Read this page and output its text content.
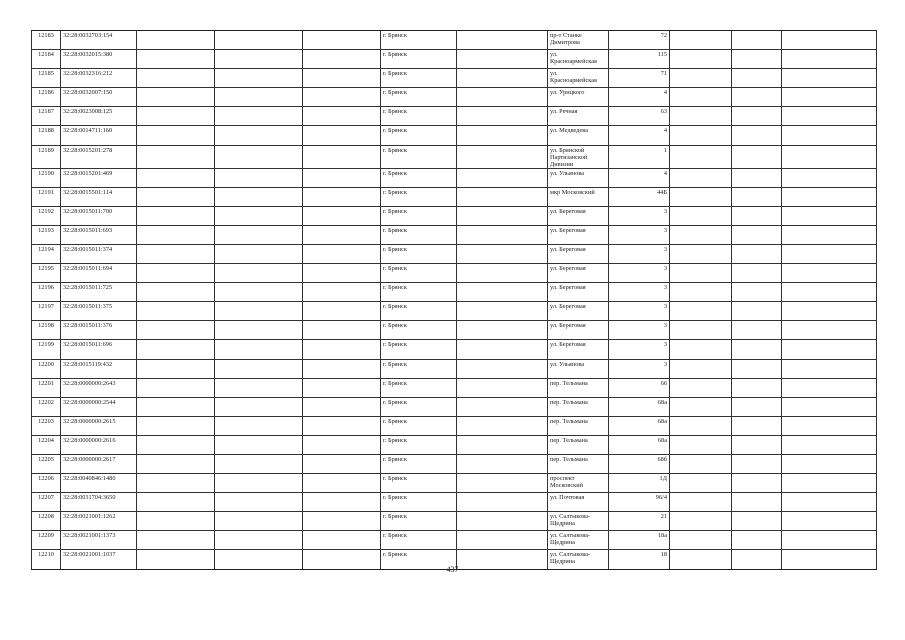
12183	32:28:0032703:154				г. Брянск		пр-т Станке Димитрова	72			
12184	32:28:0032015:380				г. Брянск		ул. Красноармейская	115			
12185	32:28:0032316:212				г. Брянск		ул. Красноармейская	71			
12186	32:28:0032007:150				г. Брянск		ул. Урицкого	4			
12187	32:28:0023008:125				г. Брянск		ул. Речная	63			
12188	32:28:0014711:160				г. Брянск		ул. Медведева	4			
12189	32:28:0015201:278				г. Брянск		ул. Брянской Партизанской Дивизии	1			
12190	32:28:0015201:469				г. Брянск		ул. Ульянова	4			
12191	32:28:0015501:114				г. Брянск		мкр Московский	44Б			
12192	32:28:0015011:700				г. Брянск		ул. Береговая	3			
12193	32:28:0015011:693				г. Брянск		ул. Береговая	3			
12194	32:28:0015011:374				г. Брянск		ул. Береговая	3			
12195	32:28:0015011:694				г. Брянск		ул. Береговая	3			
12196	32:28:0015011:725				г. Брянск		ул. Береговая	3			
12197	32:28:0015011:375				г. Брянск		ул. Береговая	3			
12198	32:28:0015011:376				г. Брянск		ул. Береговая	3			
12199	32:28:0015011:696				г. Брянск		ул. Береговая	3			
12200	32:28:0015119:432				г. Брянск		ул. Ульянова	3			
12201	32:28:0000000:2643				г. Брянск		пер. Тельмана	66			
12202	32:28:0000000:2544				г. Брянск		пер. Тельмана	68а			
12203	32:28:0000000:2615				г. Брянск		пер. Тельмана	68а			
12204	32:28:0000000:2616				г. Брянск		пер. Тельмана	68а			
12205	32:28:0000000:2617				г. Брянск		пер. Тельмана	68б			
12206	32:28:0040846:1480				г. Брянск		проспект Московский	1Д			
12207	32:28:0031704:3650				г. Брянск		ул. Почтовая	96/4			
12208	32:28:0021001:1262				г. Брянск		ул. Салтыкова-Щедрина	21			
12209	32:28:0021001:1373				г. Брянск		ул. Салтыкова-Щедрина	18а			
12210	32:28:0021001:1037				г. Брянск		ул. Салтыкова-Щедрина	18			
437
